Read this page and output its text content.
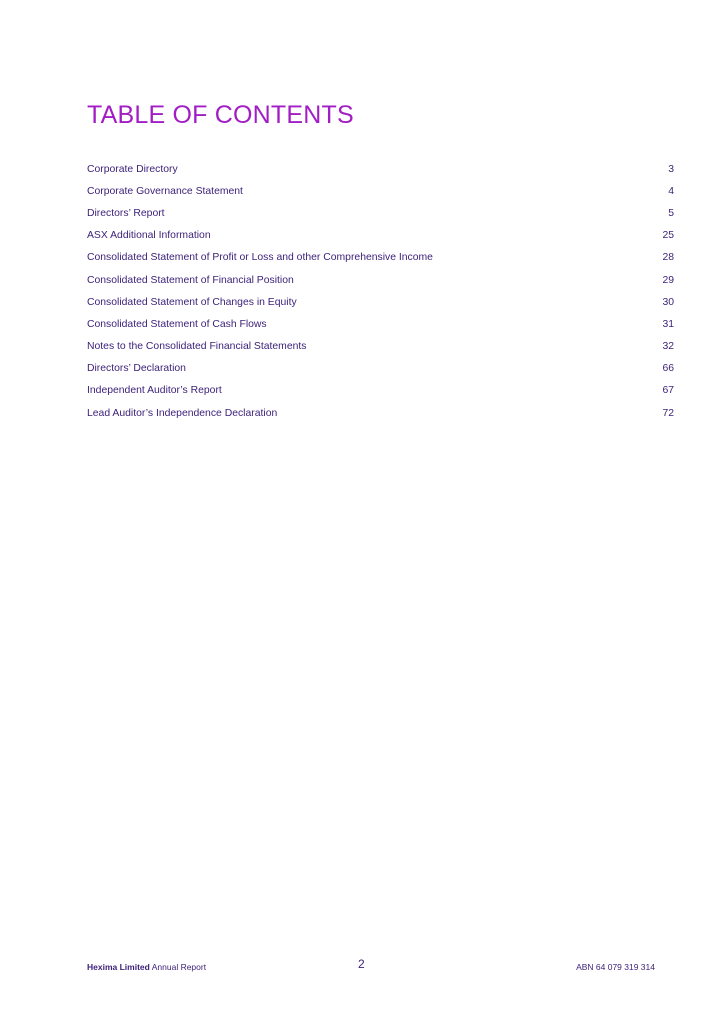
TABLE OF CONTENTS
Corporate Directory	3
Corporate Governance Statement	4
Directors’ Report	5
ASX Additional Information	25
Consolidated Statement of Profit or Loss and other Comprehensive Income	28
Consolidated Statement of Financial Position	29
Consolidated Statement of Changes in Equity	30
Consolidated Statement of Cash Flows	31
Notes to the Consolidated Financial Statements	32
Directors’ Declaration	66
Independent Auditor’s Report	67
Lead Auditor’s Independence Declaration	72
Hexima Limited Annual Report	2	ABN 64 079 319 314
